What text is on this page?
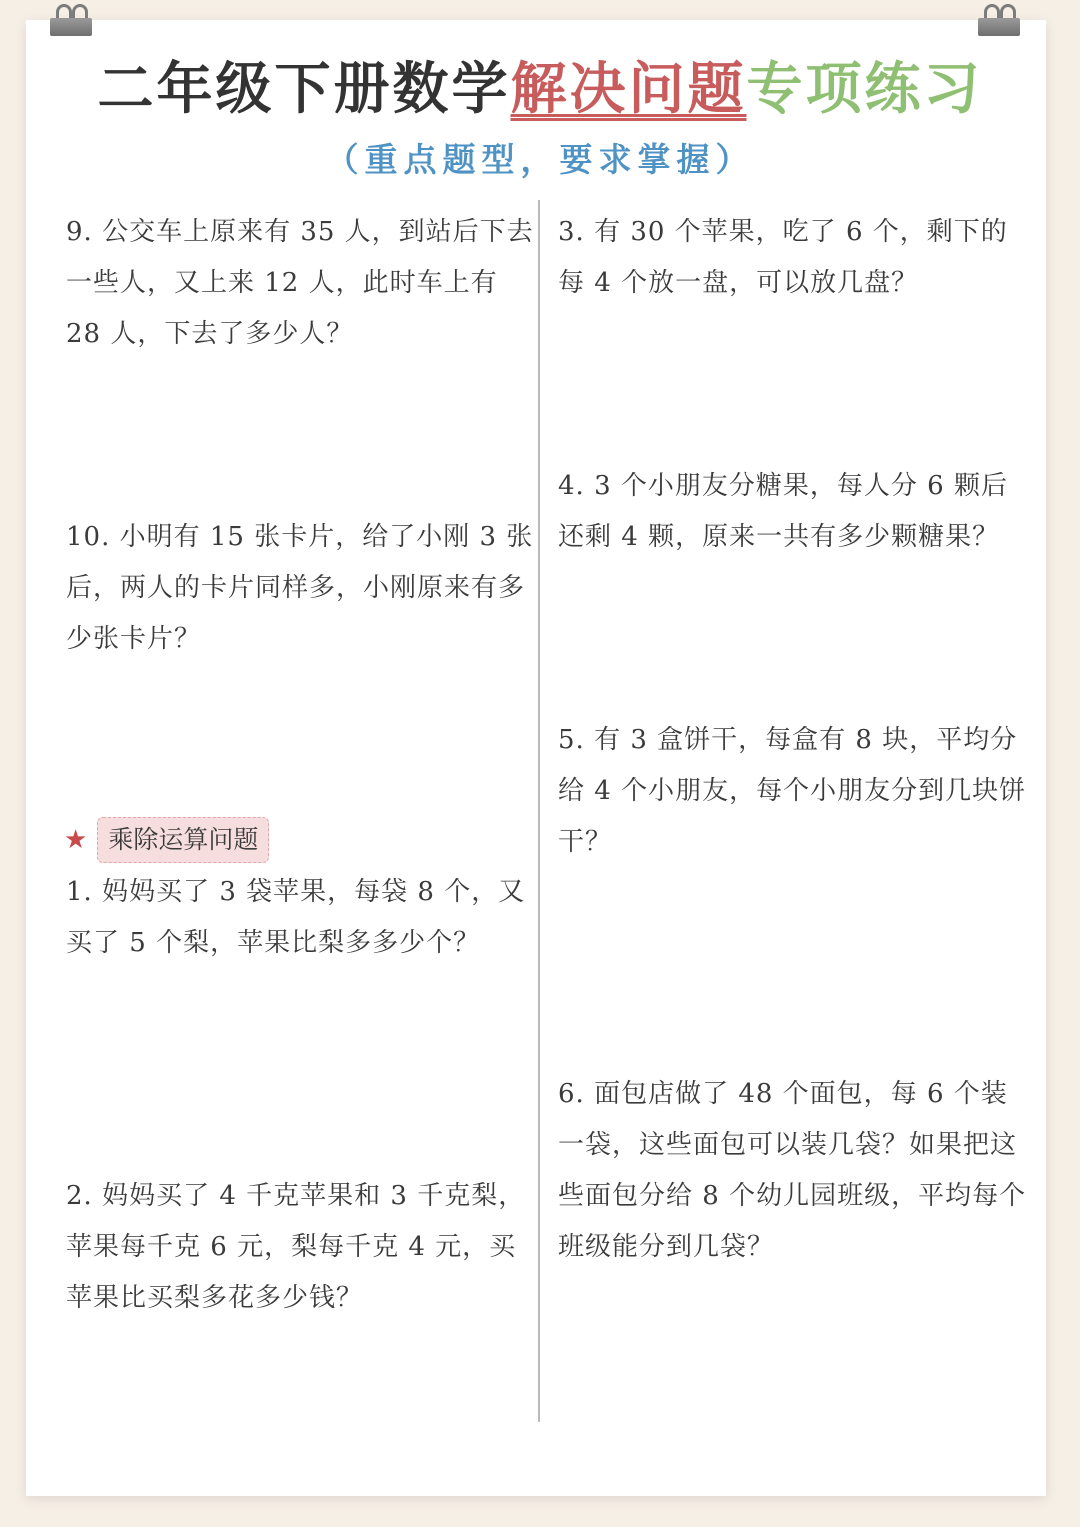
二年级下册数学解决问题专项练习
（重点题型，要求掌握）
9. 公交车上原来有 35 人，到站后下去一些人，又上来 12 人，此时车上有 28 人，下去了多少人？
10. 小明有 15 张卡片，给了小刚 3 张后，两人的卡片同样多，小刚原来有多少张卡片？
★ 乘除运算问题
1. 妈妈买了 3 袋苹果，每袋 8 个，又买了 5 个梨，苹果比梨多多少个？
2. 妈妈买了 4 千克苹果和 3 千克梨，苹果每千克 6 元，梨每千克 4 元，买苹果比买梨多花多少钱？
3. 有 30 个苹果，吃了 6 个，剩下的每 4 个放一盘，可以放几盘？
4. 3 个小朋友分糖果，每人分 6 颗后还剩 4 颗，原来一共有多少颗糖果？
5. 有 3 盒饼干，每盒有 8 块，平均分给 4 个小朋友，每个小朋友分到几块饼干？
6. 面包店做了 48 个面包，每 6 个装一袋，这些面包可以装几袋？如果把这些面包分给 8 个幼儿园班级，平均每个班级能分到几袋？
